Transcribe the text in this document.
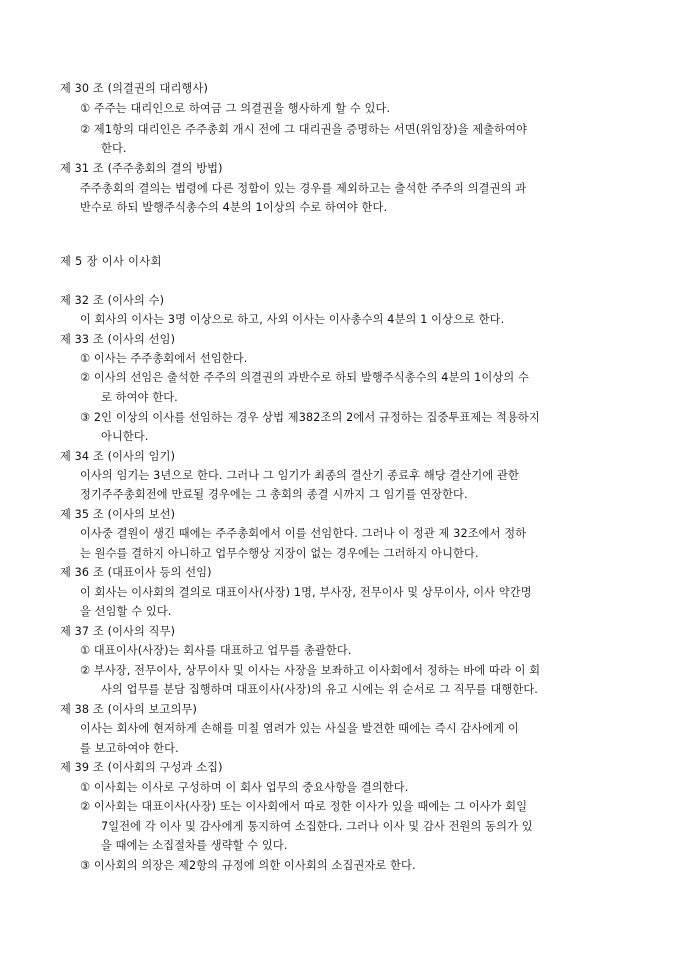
제 30 조 (의결권의 대리행사)
① 주주는 대리인으로 하여금 그 의결권을 행사하게 할 수 있다.
② 제1항의 대리인은 주주총회 개시 전에 그 대리권을 증명하는 서면(위임장)을 제출하여야
한다.
제 31 조 (주주총회의 결의 방법)
주주총회의 결의는 법령에 다른 정함이 있는 경우를 제외하고는 출석한 주주의 의결권의 과
반수로 하되 발행주식총수의 4분의 1이상의 수로 하여야 한다.
제 5 장 이사 이사회
제 32 조 (이사의 수)
이 회사의 이사는 3명 이상으로 하고, 사외 이사는 이사총수의 4분의 1 이상으로 한다.
제 33 조 (이사의 선임)
① 이사는 주주총회에서 선임한다.
② 이사의 선임은 출석한 주주의 의결권의 과반수로 하되 발행주식총수의 4분의 1이상의 수
로 하여야 한다.
③ 2인 이상의 이사를 선임하는 경우 상법 제382조의 2에서 규정하는 집중투표제는 적용하지
아니한다.
제 34 조 (이사의 임기)
이사의 임기는 3년으로 한다. 그러나 그 임기가 최종의 결산기 종료후 해당 결산기에 관한
정기주주총회전에 만료될 경우에는 그 총회의 종결 시까지 그 임기를 연장한다.
제 35 조 (이사의 보선)
이사중 결원이 생긴 때에는 주주총회에서 이를 선임한다. 그러나 이 정관 제 32조에서 정하
는 원수를 결하지 아니하고 업무수행상 지장이 없는 경우에는 그러하지 아니한다.
제 36 조 (대표이사 등의 선임)
이 회사는 이사회의 결의로 대표이사(사장) 1명, 부사장, 전무이사 및 상무이사, 이사 약간명
을 선임할 수 있다.
제 37 조 (이사의 직무)
① 대표이사(사장)는 회사를 대표하고 업무를 총괄한다.
② 부사장, 전무이사, 상무이사 및 이사는 사장을 보좌하고 이사회에서 정하는 바에 따라 이 회
사의 업무를 분담 집행하며 대표이사(사장)의 유고 시에는 위 순서로 그 직무를 대행한다.
제 38 조 (이사의 보고의무)
이사는 회사에 현저하게 손해를 미칠 염려가 있는 사실을 발견한 때에는 즉시 감사에게 이
를 보고하여야 한다.
제 39 조 (이사회의 구성과 소집)
① 이사회는 이사로 구성하며 이 회사 업무의 중요사항을 결의한다.
② 이사회는 대표이사(사장) 또는 이사회에서 따로 정한 이사가 있을 때에는 그 이사가 회일
7일전에 각 이사 및 감사에게 통지하여 소집한다. 그러나 이사 및 감사 전원의 동의가 있
을 때에는 소집절차를 생략할 수 있다.
③ 이사회의 의장은 제2항의 규정에 의한 이사회의 소집권자로 한다.
